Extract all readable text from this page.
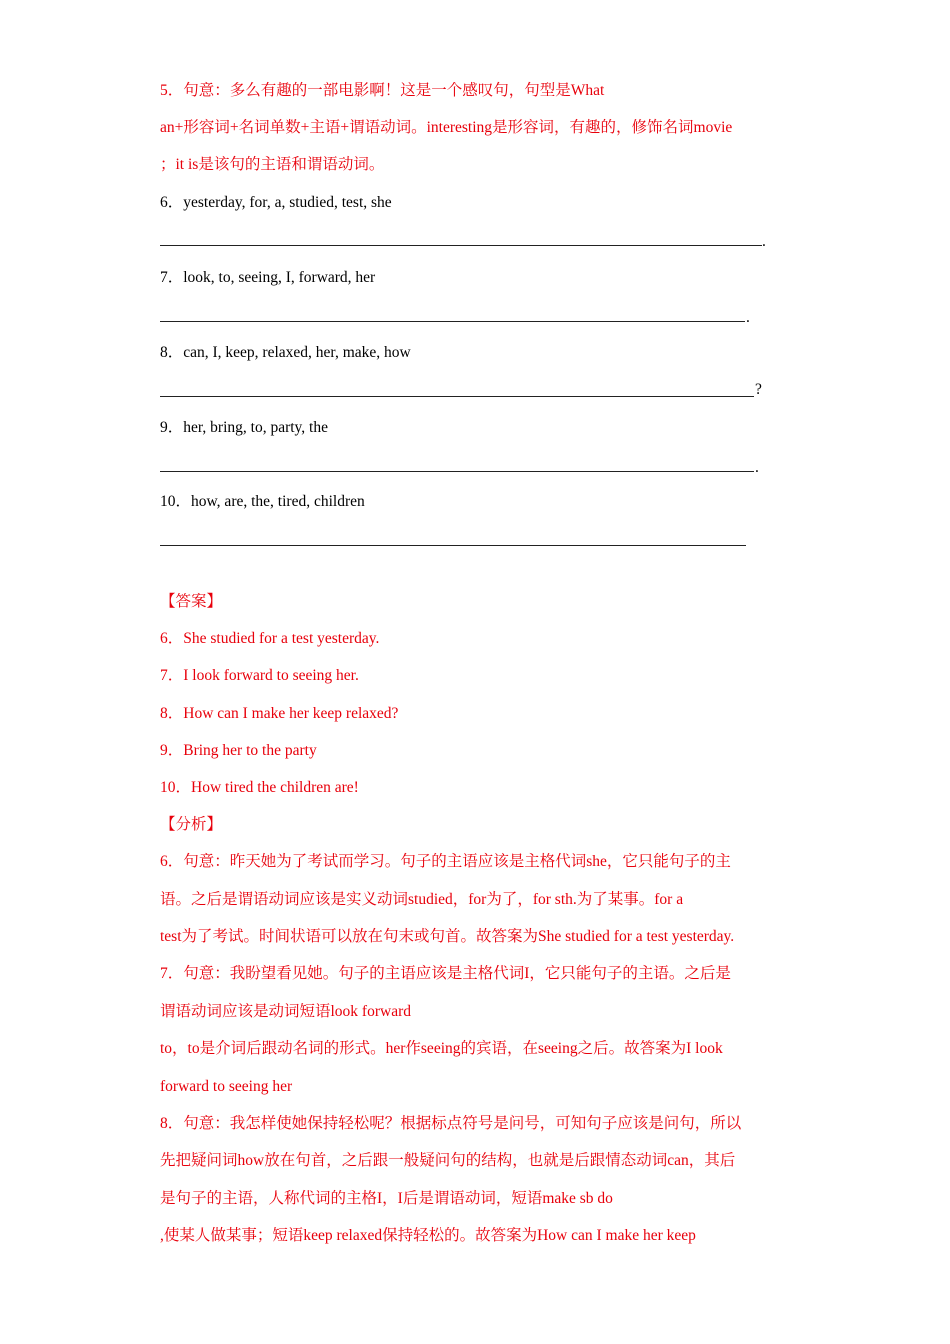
5．句意：多么有趣的一部电影啊！这是一个感叹句，句型是What
an+形容词+名词单数+主语+谓语动词。interesting是形容词，有趣的，修饰名词movie
；it is是该句的主语和谓语动词。
6．yesterday, for, a, studied, test, she
.
7．look, to, seeing, I, forward, her
.
8．can, I, keep, relaxed, her, make, how
?
9．her, bring, to, party, the
.
10．how, are, the, tired, children
【答案】
6．She studied for a test yesterday.
7．I look forward to seeing her.
8．How can I make her keep relaxed?
9．Bring her to the party
10．How tired the children are!
【分析】
6．句意：昨天她为了考试而学习。句子的主语应该是主格代词she，它只能句子的主
语。之后是谓语动词应该是实义动词studied，for为了，for sth.为了某事。for a
test为了考试。时间状语可以放在句末或句首。故答案为She studied for a test yesterday.
7．句意：我盼望看见她。句子的主语应该是主格代词I，它只能句子的主语。之后是
谓语动词应该是动词短语look forward
to，to是介词后跟动名词的形式。her作seeing的宾语，在seeing之后。故答案为I look
forward to seeing her
8．句意：我怎样使她保持轻松呢？根据标点符号是问号，可知句子应该是问句，所以
先把疑问词how放在句首，之后跟一般疑问句的结构，也就是后跟情态动词can，其后
是句子的主语，人称代词的主格I，I后是谓语动词，短语make sb do
,使某人做某事；短语keep relaxed保持轻松的。故答案为How can I make her keep
